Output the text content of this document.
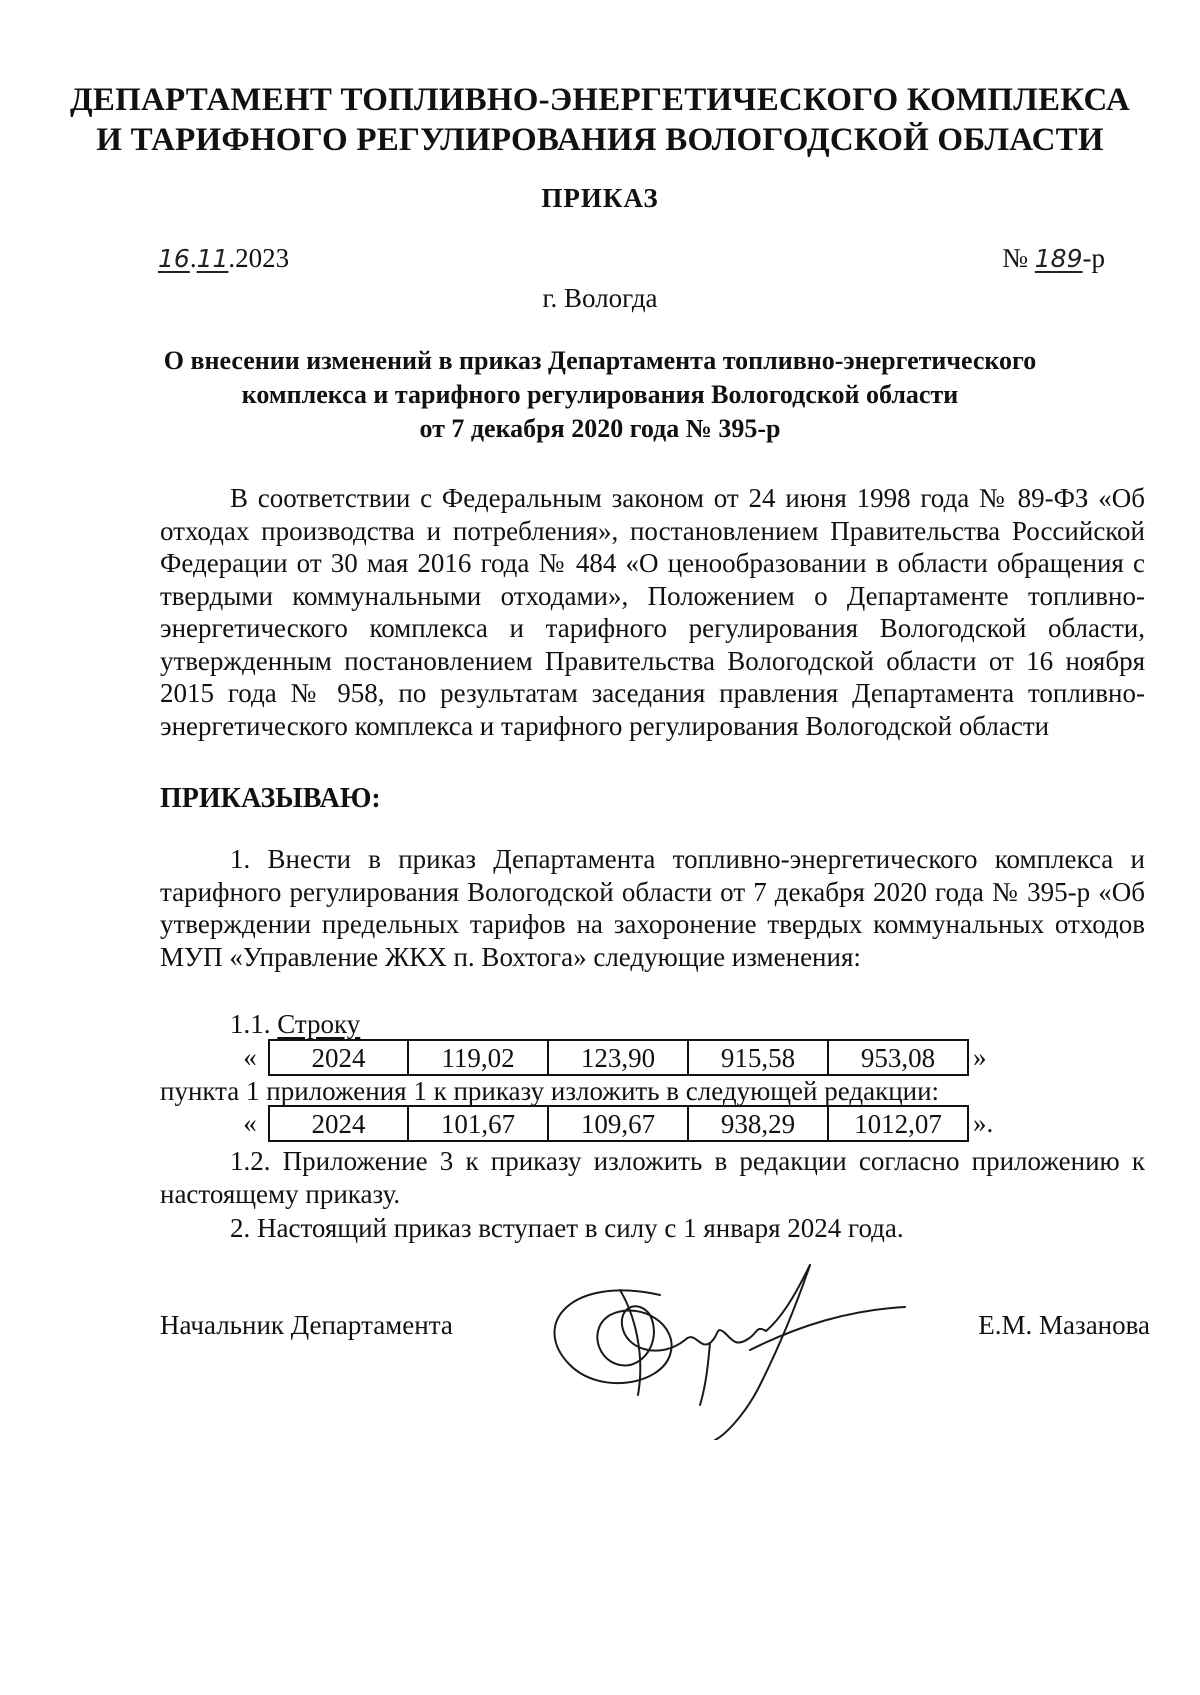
ДЕПАРТАМЕНТ ТОПЛИВНО-ЭНЕРГЕТИЧЕСКОГО КОМПЛЕКСА
И ТАРИФНОГО РЕГУЛИРОВАНИЯ ВОЛОГОДСКОЙ ОБЛАСТИ
ПРИКАЗ
16.11.2023	№ 189-р
г. Вологда
О внесении изменений в приказ Департамента топливно-энергетического
комплекса и тарифного регулирования Вологодской области
от 7 декабря 2020 года № 395-р
В соответствии с Федеральным законом от 24 июня 1998 года № 89-ФЗ «Об отходах производства и потребления», постановлением Правительства Российской Федерации от 30 мая 2016 года № 484 «О ценообразовании в области обращения с твердыми коммунальными отходами», Положением о Департаменте топливно-энергетического комплекса и тарифного регулирования Вологодской области, утвержденным постановлением Правительства Вологодской области от 16 ноября 2015 года № 958, по результатам заседания правления Департамента топливно-энергетического комплекса и тарифного регулирования Вологодской области
ПРИКАЗЫВАЮ:
1. Внести в приказ Департамента топливно-энергетического комплекса и тарифного регулирования Вологодской области от 7 декабря 2020 года № 395-р «Об утверждении предельных тарифов на захоронение твердых коммунальных отходов МУП «Управление ЖКХ п. Вохтога» следующие изменения:
1.1. Строку
« 2024	119,02	123,90	915,58	953,08 »
пункта 1 приложения 1 к приказу изложить в следующей редакции:
« 2024	101,67	109,67	938,29	1012,07 ».
1.2. Приложение 3 к приказу изложить в редакции согласно приложению к настоящему приказу.
2. Настоящий приказ вступает в силу с 1 января 2024 года.
Начальник Департамента	Е.М. Мазанова
